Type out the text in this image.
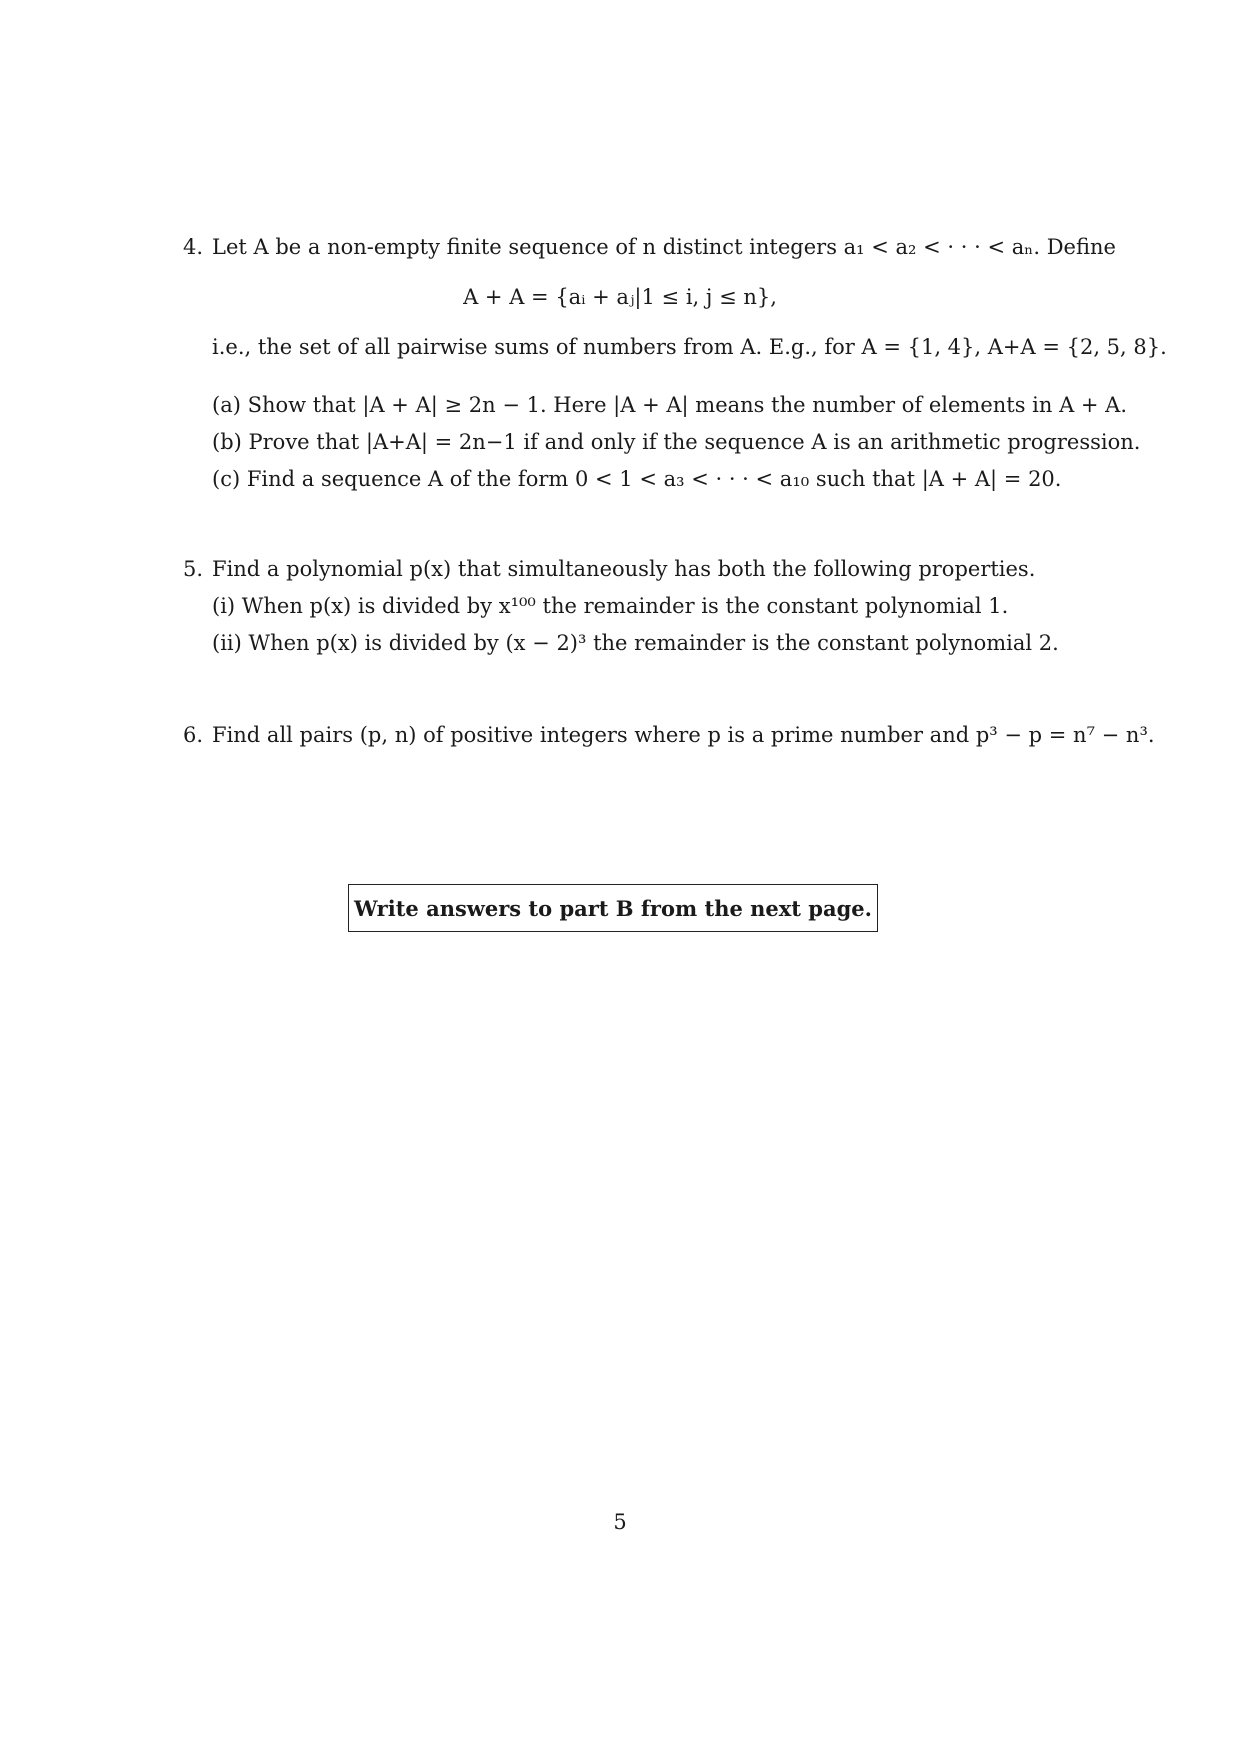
4. Let A be a non-empty finite sequence of n distinct integers a₁ < a₂ < · · · < aₙ. Define
A + A = {aᵢ + aⱼ|1 ≤ i, j ≤ n},
i.e., the set of all pairwise sums of numbers from A. E.g., for A = {1, 4}, A+A = {2, 5, 8}.
(a) Show that |A + A| ≥ 2n − 1. Here |A + A| means the number of elements in A + A.
(b) Prove that |A+A| = 2n−1 if and only if the sequence A is an arithmetic progression.
(c) Find a sequence A of the form 0 < 1 < a₃ < · · · < a₁₀ such that |A + A| = 20.
5. Find a polynomial p(x) that simultaneously has both the following properties.
(i) When p(x) is divided by x¹⁰⁰ the remainder is the constant polynomial 1.
(ii) When p(x) is divided by (x − 2)³ the remainder is the constant polynomial 2.
6. Find all pairs (p, n) of positive integers where p is a prime number and p³ − p = n⁷ − n³.
Write answers to part B from the next page.
5
